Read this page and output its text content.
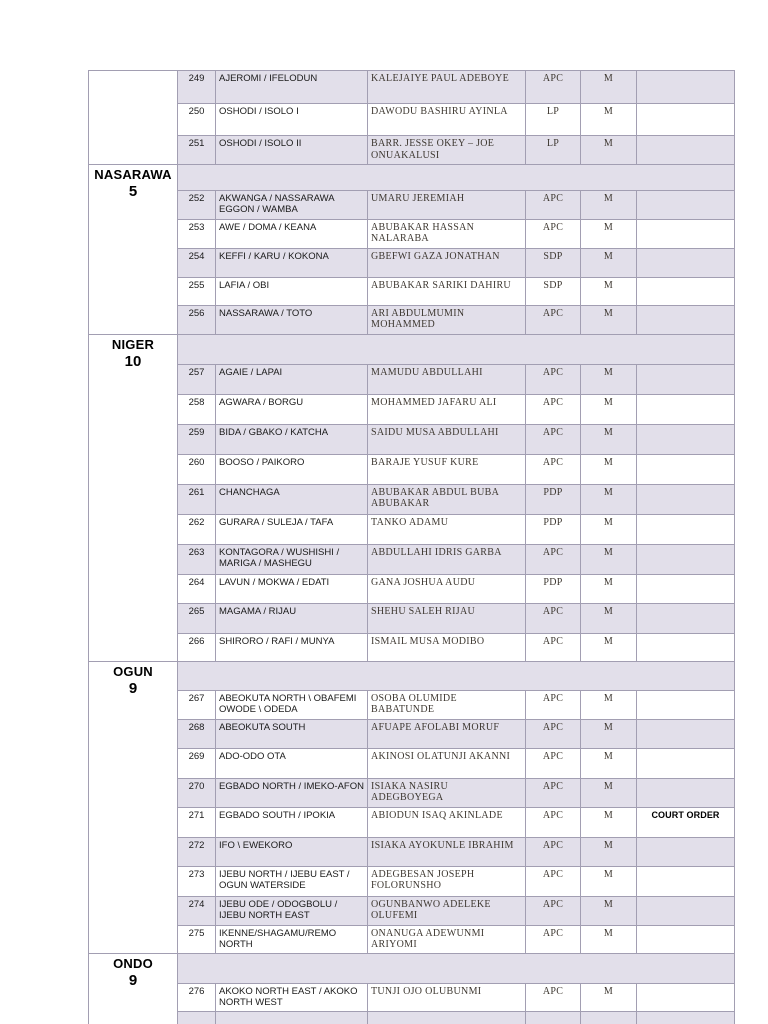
	249	AJEROMI / IFELODUN	KALEJAIYE PAUL ADEBOYE	APC	M	
	250	OSHODI / ISOLO I	DAWODU BASHIRU AYINLA	LP	M	
	251	OSHODI / ISOLO II	BARR. JESSE OKEY – JOE ONUAKALUSI	LP	M	

NASARAWA
5						

	252	AKWANGA / NASSARAWA EGGON / WAMBA	UMARU JEREMIAH	APC	M	
	253	AWE / DOMA / KEANA	ABUBAKAR HASSAN NALARABA	APC	M	
	254	KEFFI / KARU / KOKONA	GBEFWI GAZA JONATHAN	SDP	M	
	255	LAFIA / OBI	ABUBAKAR SARIKI DAHIRU	SDP	M	
	256	NASSARAWA / TOTO	ARI ABDULMUMIN MOHAMMED	APC	M	

NIGER
10						

	257	AGAIE / LAPAI	MAMUDU ABDULLAHI	APC	M	
	258	AGWARA / BORGU	MOHAMMED JAFARU ALI	APC	M	
	259	BIDA / GBAKO / KATCHA	SAIDU MUSA ABDULLAHI	APC	M	
	260	BOOSO / PAIKORO	BARAJE YUSUF KURE	APC	M	
	261	CHANCHAGA	ABUBAKAR ABDUL BUBA ABUBAKAR	PDP	M	
	262	GURARA / SULEJA / TAFA	TANKO ADAMU	PDP	M	
	263	KONTAGORA / WUSHISHI / MARIGA / MASHEGU	ABDULLAHI IDRIS GARBA	APC	M	
	264	LAVUN / MOKWA / EDATI	GANA JOSHUA AUDU	PDP	M	
	265	MAGAMA / RIJAU	SHEHU SALEH RIJAU	APC	M	
	266	SHIRORO / RAFI / MUNYA	ISMAIL MUSA MODIBO	APC	M	

OGUN
9						

	267	ABEOKUTA NORTH \ OBAFEMI OWODE \ ODEDA	OSOBA OLUMIDE BABATUNDE	APC	M	
	268	ABEOKUTA SOUTH	AFUAPE AFOLABI MORUF	APC	M	
	269	ADO-ODO OTA	AKINOSI OLATUNJI AKANNI	APC	M	
	270	EGBADO NORTH / IMEKO-AFON	ISIAKA NASIRU ADEGBOYEGA	APC	M	
	271	EGBADO SOUTH / IPOKIA	ABIODUN ISAQ AKINLADE	APC	M	COURT ORDER
	272	IFO \ EWEKORO	ISIAKA AYOKUNLE IBRAHIM	APC	M	
	273	IJEBU NORTH / IJEBU EAST / OGUN WATERSIDE	ADEGBESAN JOSEPH FOLORUNSHO	APC	M	
	274	IJEBU ODE / ODOGBOLU / IJEBU NORTH EAST	OGUNBANWO ADELEKE OLUFEMI	APC	M	
	275	IKENNE/SHAGAMU/REMO NORTH	ONANUGA ADEWUNMI ARIYOMI	APC	M	

ONDO
9						

	276	AKOKO NORTH EAST / AKOKO NORTH WEST	TUNJI OJO OLUBUNMI	APC	M	
